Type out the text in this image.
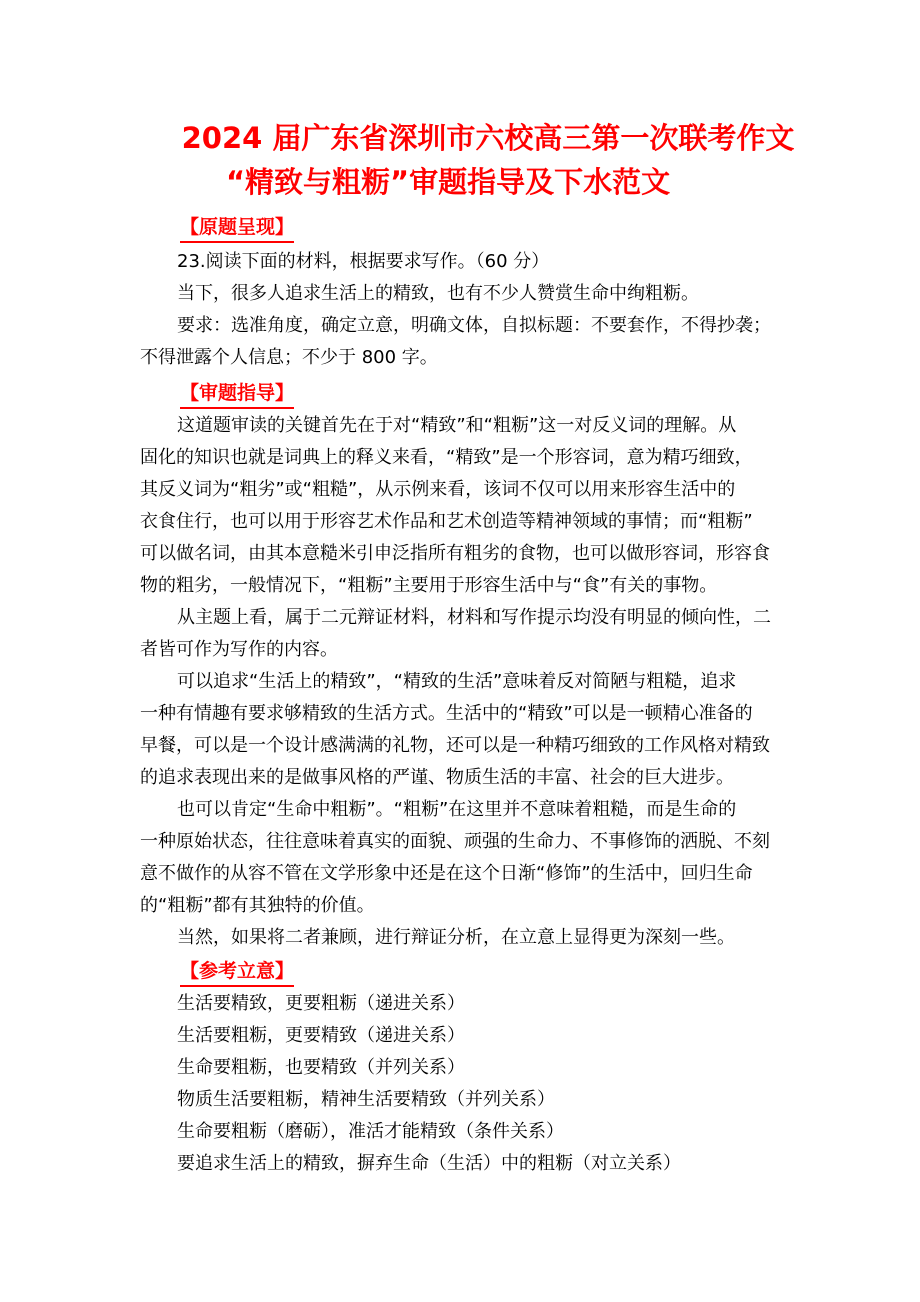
2024 届广东省深圳市六校高三第一次联考作文
“精致与粗粝”审题指导及下水范文
【原题呈现】
23.阅读下面的材料，根据要求写作。（60 分）
当下，很多人追求生活上的精致，也有不少人赞赏生命中绚粗粝。
要求：选准角度，确定立意，明确文体，自拟标题：不要套作，不得抄袭；
不得泄露个人信息；不少于 800 字。
【审题指导】
这道题审读的关键首先在于对“精致”和“粗粝”这一对反义词的理解。从
固化的知识也就是词典上的释义来看，“精致”是一个形容词，意为精巧细致，
其反义词为“粗劣”或“粗糙”，从示例来看，该词不仅可以用来形容生活中的
衣食住行，也可以用于形容艺术作品和艺术创造等精神领域的事情；而“粗粝”
可以做名词，由其本意糙米引申泛指所有粗劣的食物，也可以做形容词，形容食
物的粗劣，一般情况下，“粗粝”主要用于形容生活中与“食”有关的事物。
从主题上看，属于二元辩证材料，材料和写作提示均没有明显的倾向性，二
者皆可作为写作的内容。
可以追求“生活上的精致”，“精致的生活”意味着反对简陋与粗糙，追求
一种有情趣有要求够精致的生活方式。生活中的“精致”可以是一顿精心准备的
早餐，可以是一个设计感满满的礼物，还可以是一种精巧细致的工作风格对精致
的追求表现出来的是做事风格的严谨、物质生活的丰富、社会的巨大进步。
也可以肯定“生命中粗粝”。“粗粝”在这里并不意味着粗糙，而是生命的
一种原始状态，往往意味着真实的面貌、顽强的生命力、不事修饰的洒脱、不刻
意不做作的从容不管在文学形象中还是在这个日渐“修饰”的生活中，回归生命
的“粗粝”都有其独特的价值。
当然，如果将二者兼顾，进行辩证分析，在立意上显得更为深刻一些。
【参考立意】
生活要精致，更要粗粝（递进关系）
生活要粗粝，更要精致（递进关系）
生命要粗粝，也要精致（并列关系）
物质生活要粗粝，精神生活要精致（并列关系）
生命要粗粝（磨砺），准活才能精致（条件关系）
要追求生活上的精致，摒弃生命（生活）中的粗粝（对立关系）
